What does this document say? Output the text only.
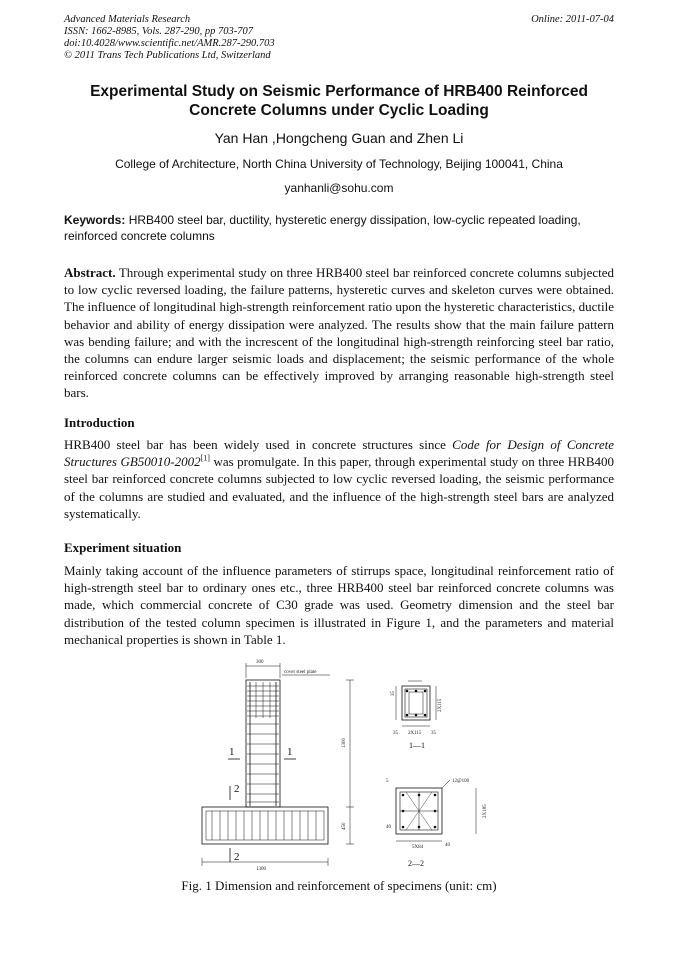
Advanced Materials Research
ISSN: 1662-8985, Vols. 287-290, pp 703-707
doi:10.4028/www.scientific.net/AMR.287-290.703
© 2011 Trans Tech Publications Ltd, Switzerland
Online: 2011-07-04
Experimental Study on Seismic Performance of HRB400 Reinforced
Concrete Columns under Cyclic Loading
Yan Han ,Hongcheng Guan and Zhen Li
College of Architecture, North China University of Technology, Beijing 100041, China
yanhanli@sohu.com
Keywords: HRB400 steel bar, ductility, hysteretic energy dissipation, low-cyclic repeated loading, reinforced concrete columns
Abstract. Through experimental study on three HRB400 steel bar reinforced concrete columns subjected to low cyclic reversed loading, the failure patterns, hysteretic curves and skeleton curves were obtained. The influence of longitudinal high-strength reinforcement ratio upon the hysteretic characteristics, ductile behavior and ability of energy dissipation were analyzed. The results show that the main failure pattern was bending failure; and with the increscent of the longitudinal high-strength reinforcing steel bar ratio, the columns can endure larger seismic loads and displacement; the seismic performance of the whole reinforced concrete columns can be effectively improved by arranging reasonable high-strength steel bars.
Introduction
HRB400 steel bar has been widely used in concrete structures since Code for Design of Concrete Structures GB50010-2002[1] was promulgate. In this paper, through experimental study on three HRB400 steel bar reinforced concrete columns subjected to low cyclic reversed loading, the seismic performance of the columns are studied and evaluated, and the influence of the high-strength steel bars are analyzed systematically.
Experiment situation
Mainly taking account of the influence parameters of stirrups space, longitudinal reinforcement ratio of high-strength steel bar to ordinary ones etc., three HRB400 steel bar reinforced concrete columns was made, which commercial concrete of C30 grade was used. Geometry dimension and the steel bar distribution of the tested column specimen is illustrated in Figure 1, and the parameters and material mechanical properties is shown in Table 1.
300
cover steel plate
1300
450
1300
1	1
2
2
35
2X115
2X115
35	35
1—1
5	12@100
2X185
40
40
5X84
2—2
Fig. 1 Dimension and reinforcement of specimens (unit: cm)
